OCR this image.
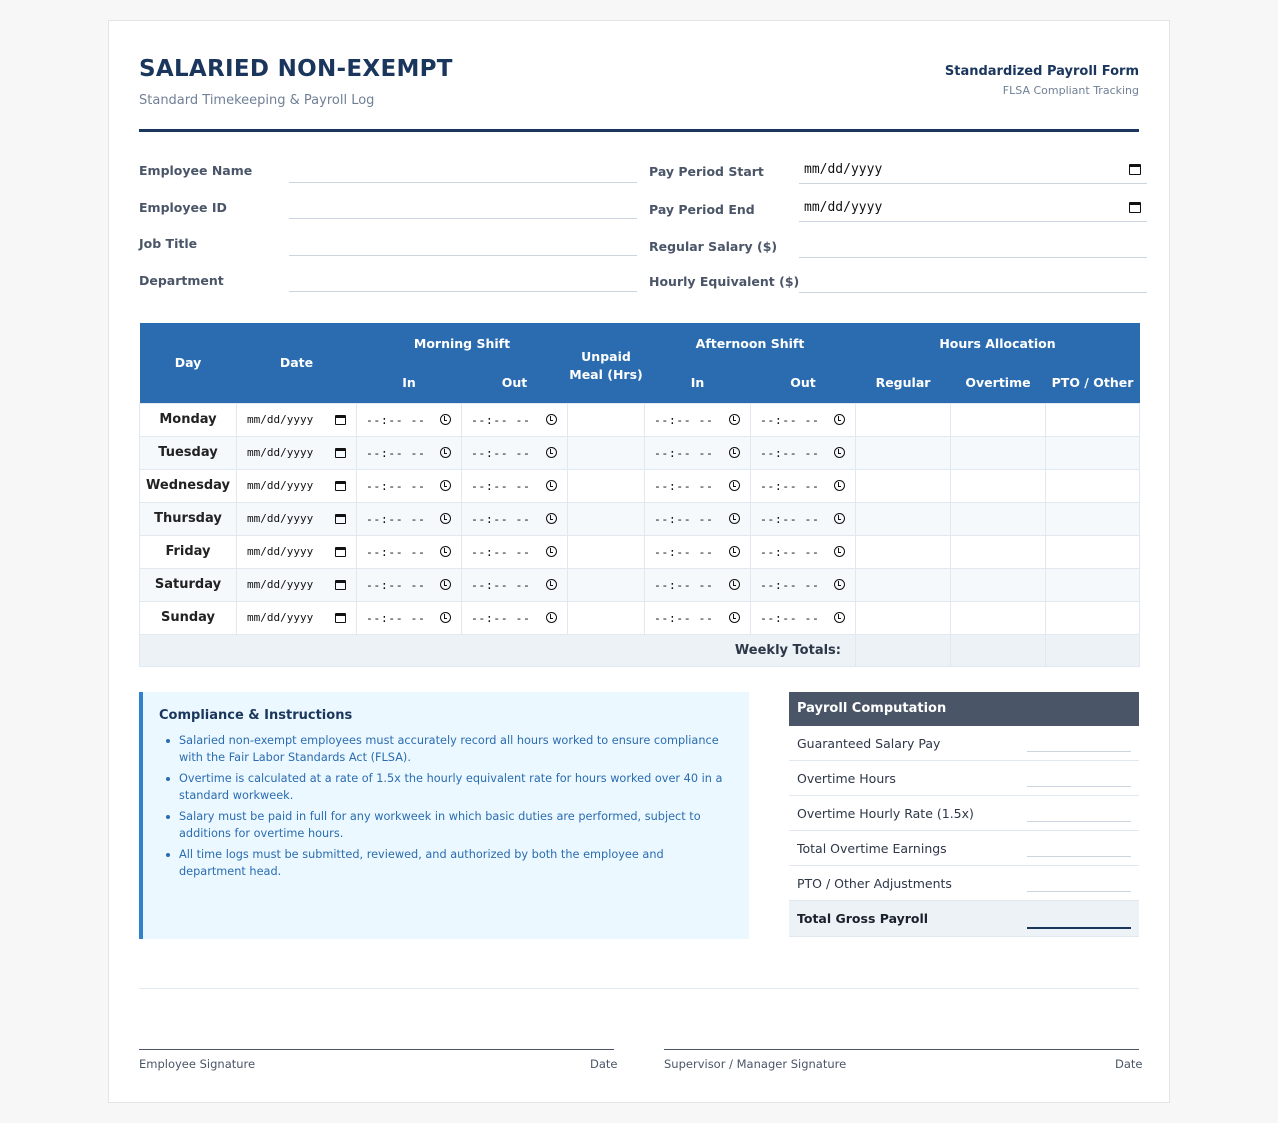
SALARIED NON-EXEMPT
Standard Timekeeping & Payroll Log
Standardized Payroll Form
FLSA Compliant Tracking
Employee Name
Employee ID
Job Title
Department
Pay Period Start	mm/dd/yyyy
Pay Period End	mm/dd/yyyy
Regular Salary ($)
Hourly Equivalent ($)
Day	Date	Morning Shift		Unpaid Meal (Hrs)	Afternoon Shift		Hours Allocation		
		In	Out		In	Out	Regular	Overtime	PTO / Other
Monday	mm/dd/yyyy	--:-- --	--:-- --		--:-- --	--:-- --

Tuesday	mm/dd/yyyy	--:-- --	--:-- --		--:-- --	--:-- --

Wednesday	mm/dd/yyyy	--:-- --	--:-- --		--:-- --	--:-- --

Thursday	mm/dd/yyyy	--:-- --	--:-- --		--:-- --	--:-- --

Friday	mm/dd/yyyy	--:-- --	--:-- --		--:-- --	--:-- --

Saturday	mm/dd/yyyy	--:-- --	--:-- --		--:-- --	--:-- --

Sunday	mm/dd/yyyy	--:-- --	--:-- --		--:-- --	--:-- --

Weekly Totals:									
Compliance & Instructions
Salaried non-exempt employees must accurately record all hours worked to ensure compliance with the Fair Labor Standards Act (FLSA).
Overtime is calculated at a rate of 1.5x the hourly equivalent rate for hours worked over 40 in a standard workweek.
Salary must be paid in full for any workweek in which basic duties are performed, subject to additions for overtime hours.
All time logs must be submitted, reviewed, and authorized by both the employee and department head.
Payroll Computation
Guaranteed Salary Pay
Overtime Hours
Overtime Hourly Rate (1.5x)
Total Overtime Earnings
PTO / Other Adjustments
Total Gross Payroll
Employee Signature	Date	Supervisor / Manager Signature	Date
